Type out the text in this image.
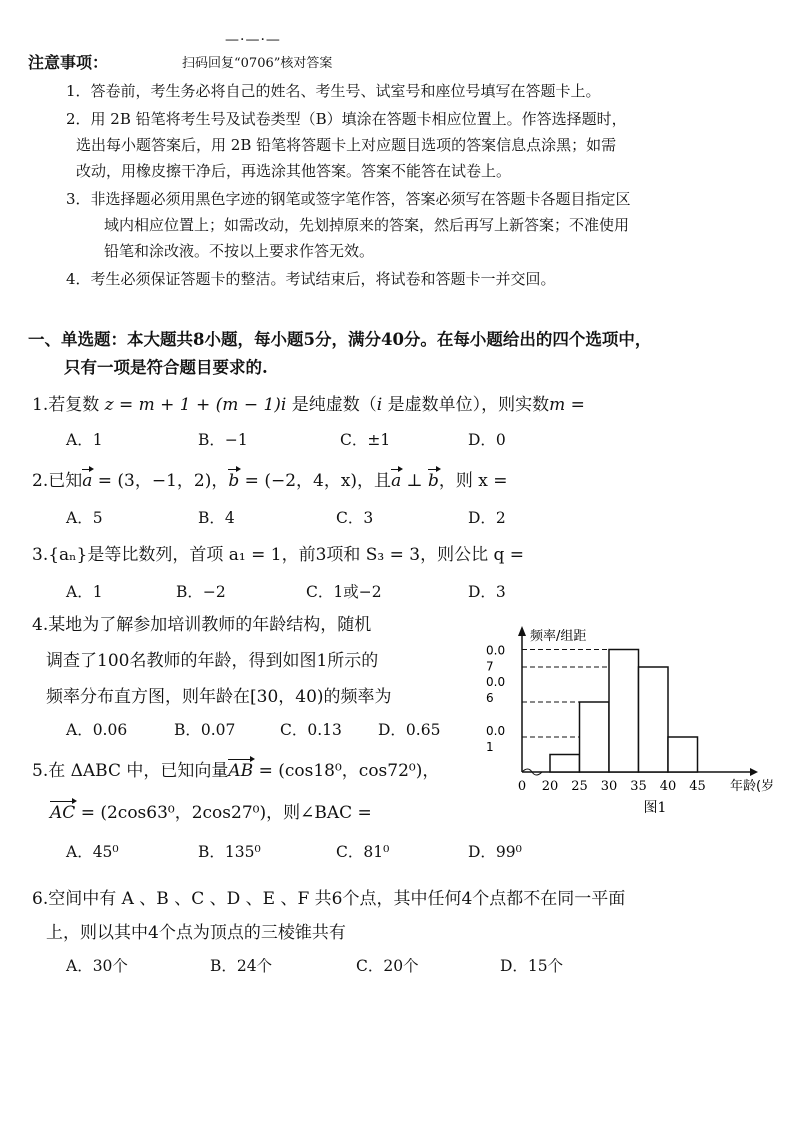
—·—·—
注意事项：	扫码回复“0706”核对答案
1．答卷前，考生务必将自己的姓名、考生号、试室号和座位号填写在答题卡上。
2．用 2B 铅笔将考生号及试卷类型（B）填涂在答题卡相应位置上。作答选择题时，
选出每小题答案后，用 2B 铅笔将答题卡上对应题目选项的答案信息点涂黑；如需
改动，用橡皮擦干净后，再选涂其他答案。答案不能答在试卷上。
3．非选择题必须用黑色字迹的钢笔或签字笔作答，答案必须写在答题卡各题目指定区
域内相应位置上；如需改动，先划掉原来的答案，然后再写上新答案；不准使用
铅笔和涂改液。不按以上要求作答无效。
4．考生必须保证答题卡的整洁。考试结束后，将试卷和答题卡一并交回。
一、单选题：本大题共8小题，每小题5分，满分40分。在每小题给出的四个选项中，
只有一项是符合题目要求的.
1.若复数 z = m + 1 + (m − 1)i 是纯虚数（i 是虚数单位），则实数m =
A．1	B．−1	C．±1	D．0
2.已知a = (3，−1，2)，b = (−2，4，x)，且a ⊥ b，则 x =
A．5	B．4	C．3	D．2
3.{aₙ}是等比数列，首项 a₁ = 1，前3项和 S₃ = 3，则公比 q =
A．1	B．−2	C．1或−2	D．3
4.某地为了解参加培训教师的年龄结构，随机
调查了100名教师的年龄，得到如图1所示的
频率分布直方图，则年龄在[30，40)的频率为
A．0.06	B．0.07	C．0.13 D．0.65
5.在 ΔABC 中，已知向量AB = (cos18⁰，cos72⁰)，
AC = (2cos63⁰，2cos27⁰)，则∠BAC =
A．45⁰	B．135⁰	C．81⁰	D．99⁰
6.空间中有 A 、B 、C 、D 、E 、F 共6个点，其中任何4个点都不在同一平面
上，则以其中4个点为顶点的三棱锥共有
A．30个	B．24个	C．20个	D．15个
频率/组距
0.0
7
0.0
6
0.0
1
0 20 25 30 35 40 45 年龄(岁
图1
